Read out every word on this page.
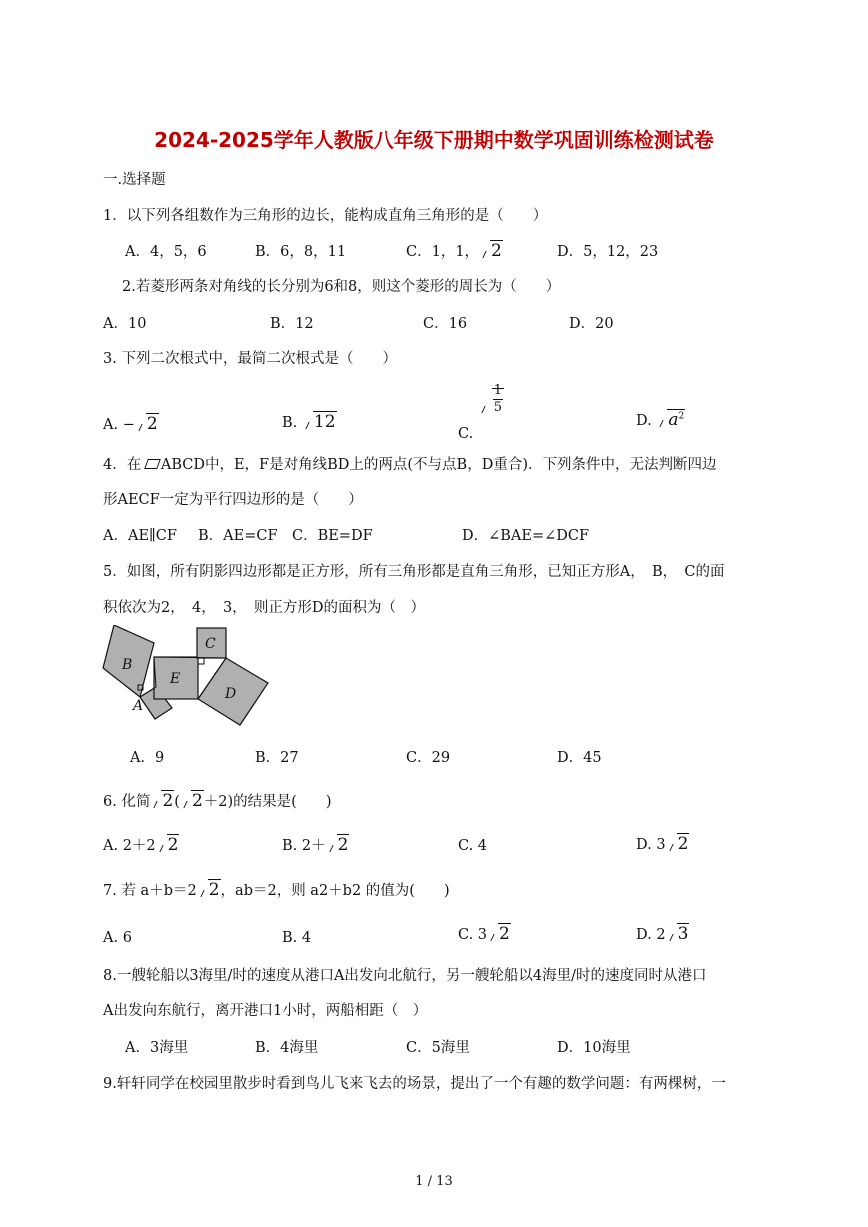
2024-2025学年人教版八年级下册期中数学巩固训练检测试卷
一.选择题
1．以下列各组数作为三角形的边长，能构成直角三角形的是（　　）
A．4，5，6	B．6，8，11	C．1，1， 2	D．5，12，23
2.若菱形两条对角线的长分别为6和8，则这个菱形的周长为（　　）
A．10	B．12	C．16	D．20
3. 下列二次根式中，最简二次根式是（　　）
A. − 2	B. 12
C.
$\frac{1}{5}$
D. $a^2$
4．在 ABCD中，E，F是对角线BD上的两点(不与点B，D重合)．下列条件中，无法判断四边
形AECF一定为平行四边形的是（　　）
A．AE∥CF B．AE=CF C．BE=DF	D．∠BAE=∠DCF
5．如图，所有阴影四边形都是正方形，所有三角形都是直角三角形，已知正方形A，　B，　C的面
积依次为2，　4，　3，　则正方形D的面积为（　）
A
B
C
D
E
A．9	B．27	C．29	D．45
6. 化简 2( 2＋2)的结果是(　　)
A. 2＋2 2	B. 2＋ 2	C. 4	D. 3 2
7. 若 a＋b＝2 2，ab＝2，则 a2＋b2 的值为(　　)
A. 6	B. 4	C. 3 2	D. 2 3
8.一艘轮船以3海里/时的速度从港口A出发向北航行，另一艘轮船以4海里/时的速度同时从港口
A出发向东航行，离开港口1小时，两船相距（　）
A．3海里	B．4海里	C．5海里	D．10海里
9.轩轩同学在校园里散步时看到鸟儿飞来飞去的场景，提出了一个有趣的数学问题：有两棵树，一
1 / 13
